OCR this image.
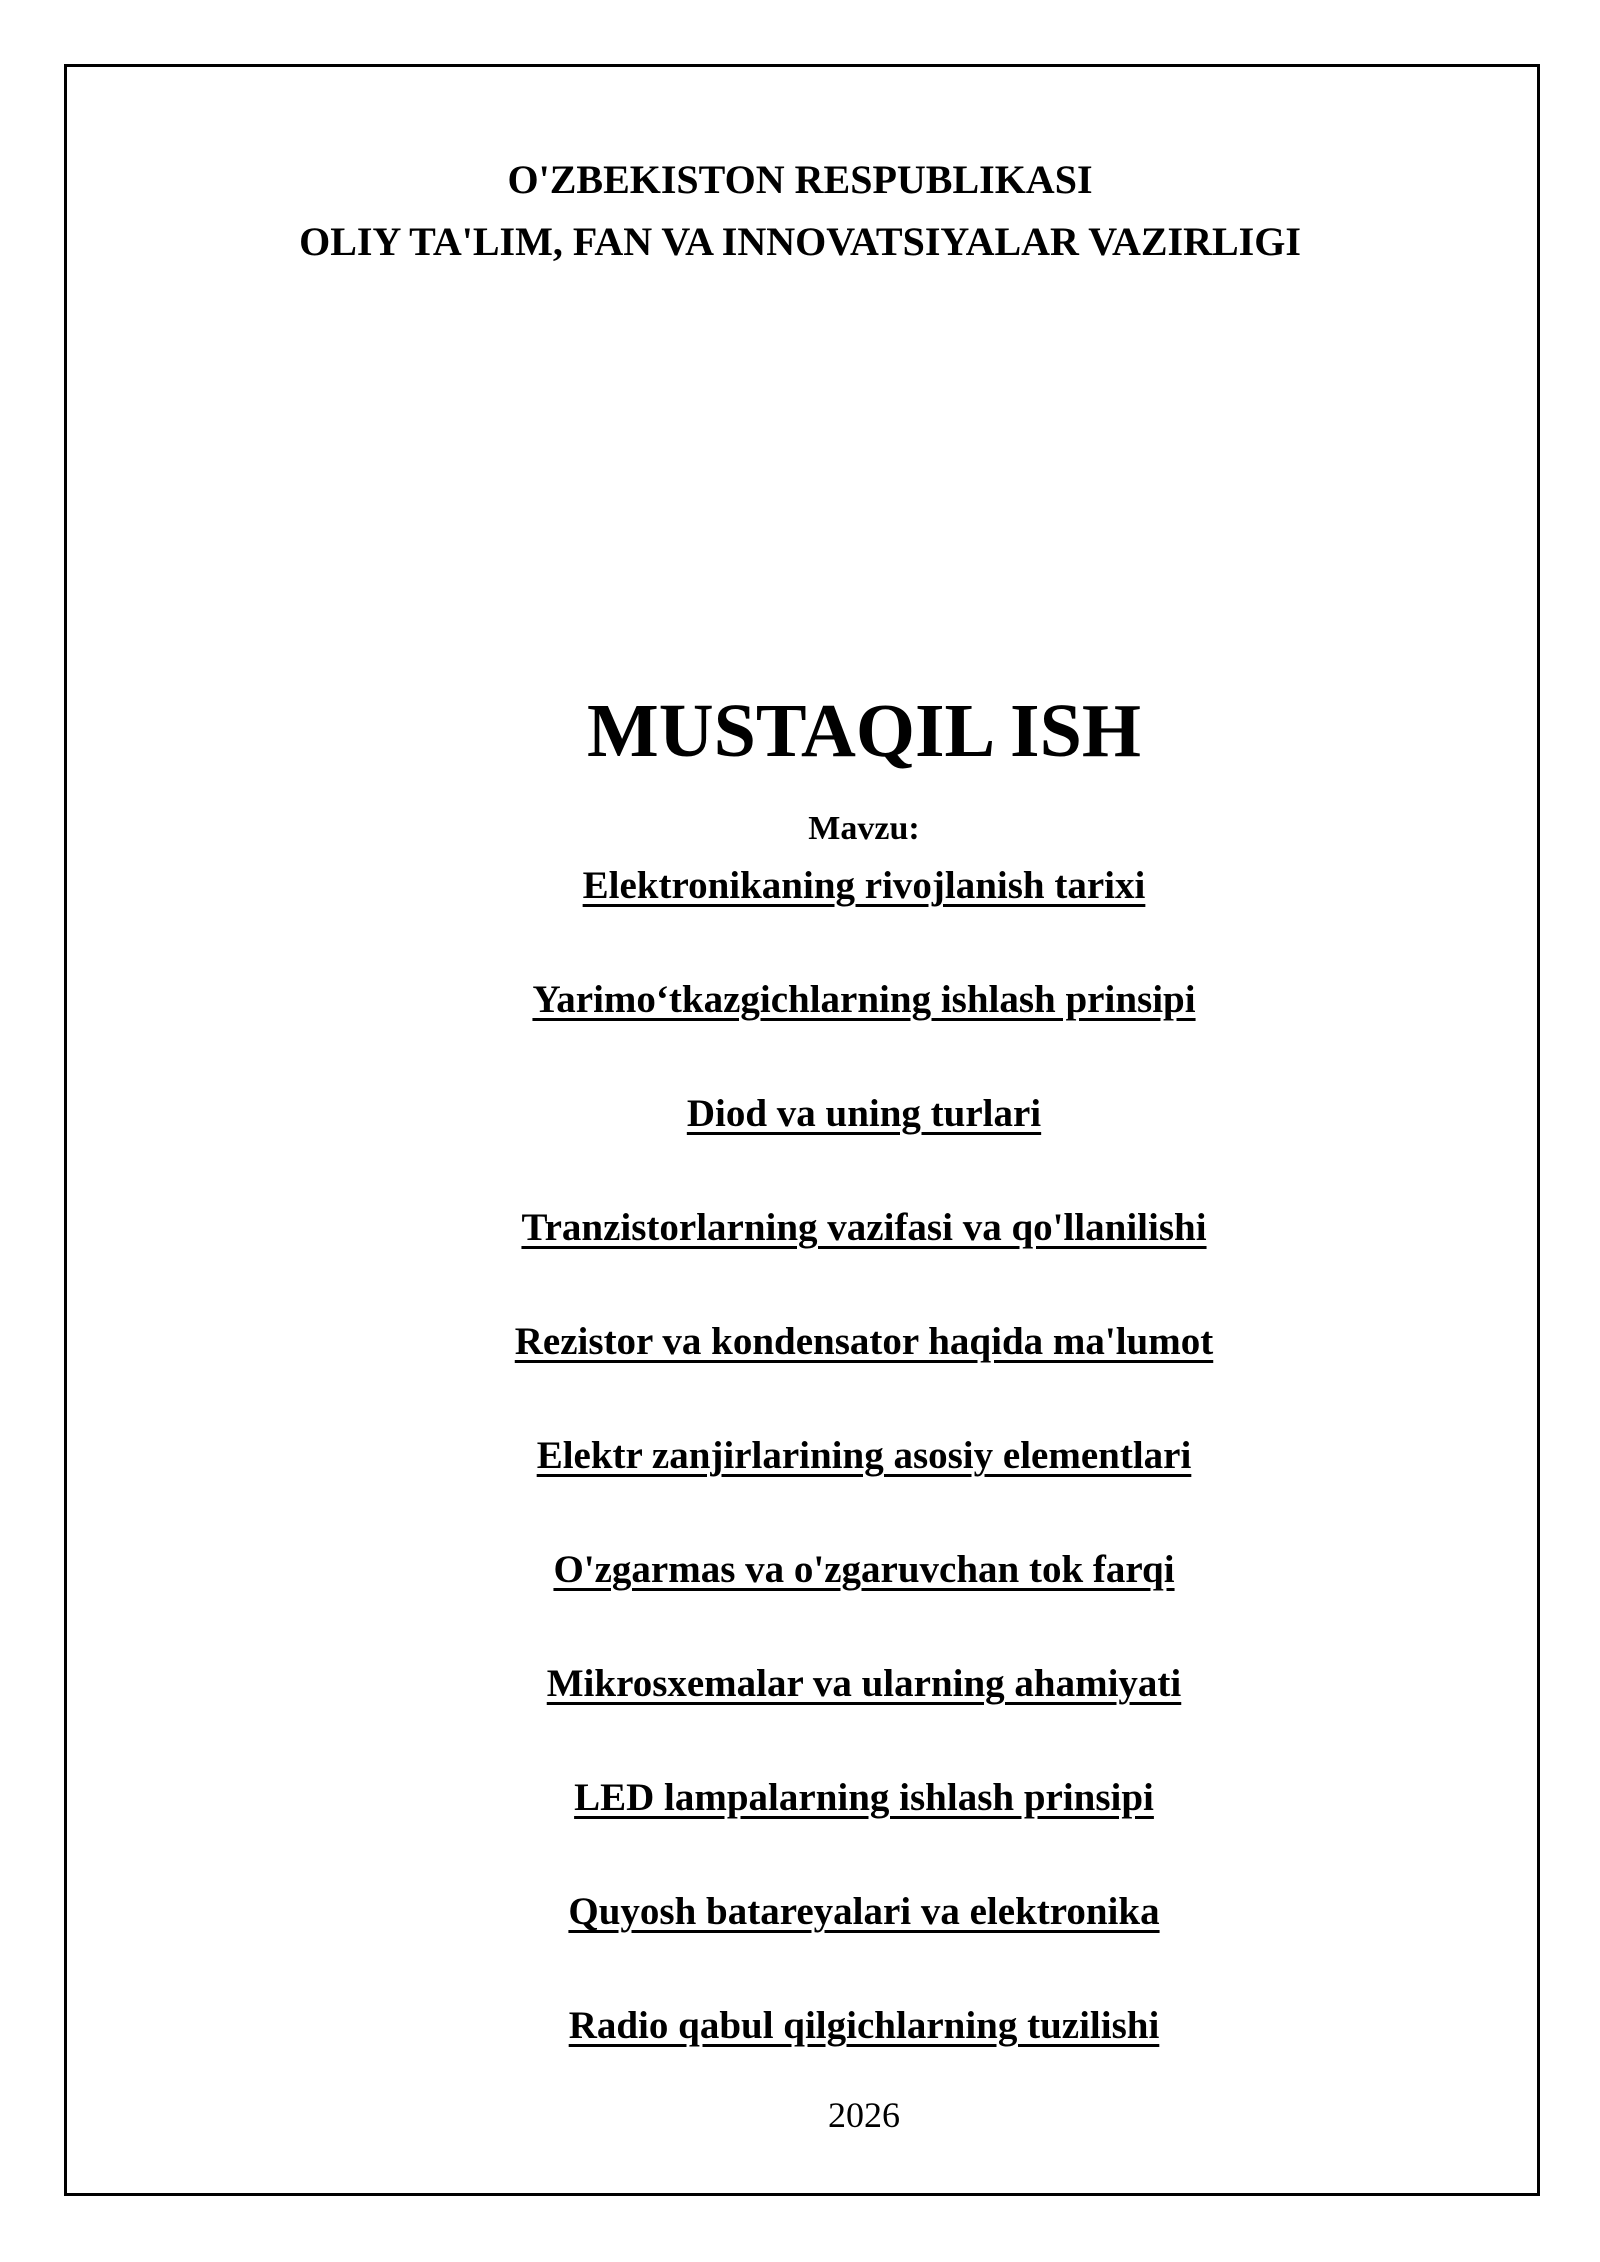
O'ZBEKISTON RESPUBLIKASI
OLIY TA'LIM, FAN VA INNOVATSIYALAR VAZIRLIGI
MUSTAQIL ISH
Mavzu:
Elektronikaning rivojlanish tarixi
Yarimo‘tkazgichlarning ishlash prinsipi
Diod va uning turlari
Tranzistorlarning vazifasi va qo'llanilishi
Rezistor va kondensator haqida ma'lumot
Elektr zanjirlarining asosiy elementlari
O'zgarmas va o'zgaruvchan tok farqi
Mikrosxemalar va ularning ahamiyati
LED lampalarning ishlash prinsipi
Quyosh batareyalari va elektronika
Radio qabul qilgichlarning tuzilishi
2026
